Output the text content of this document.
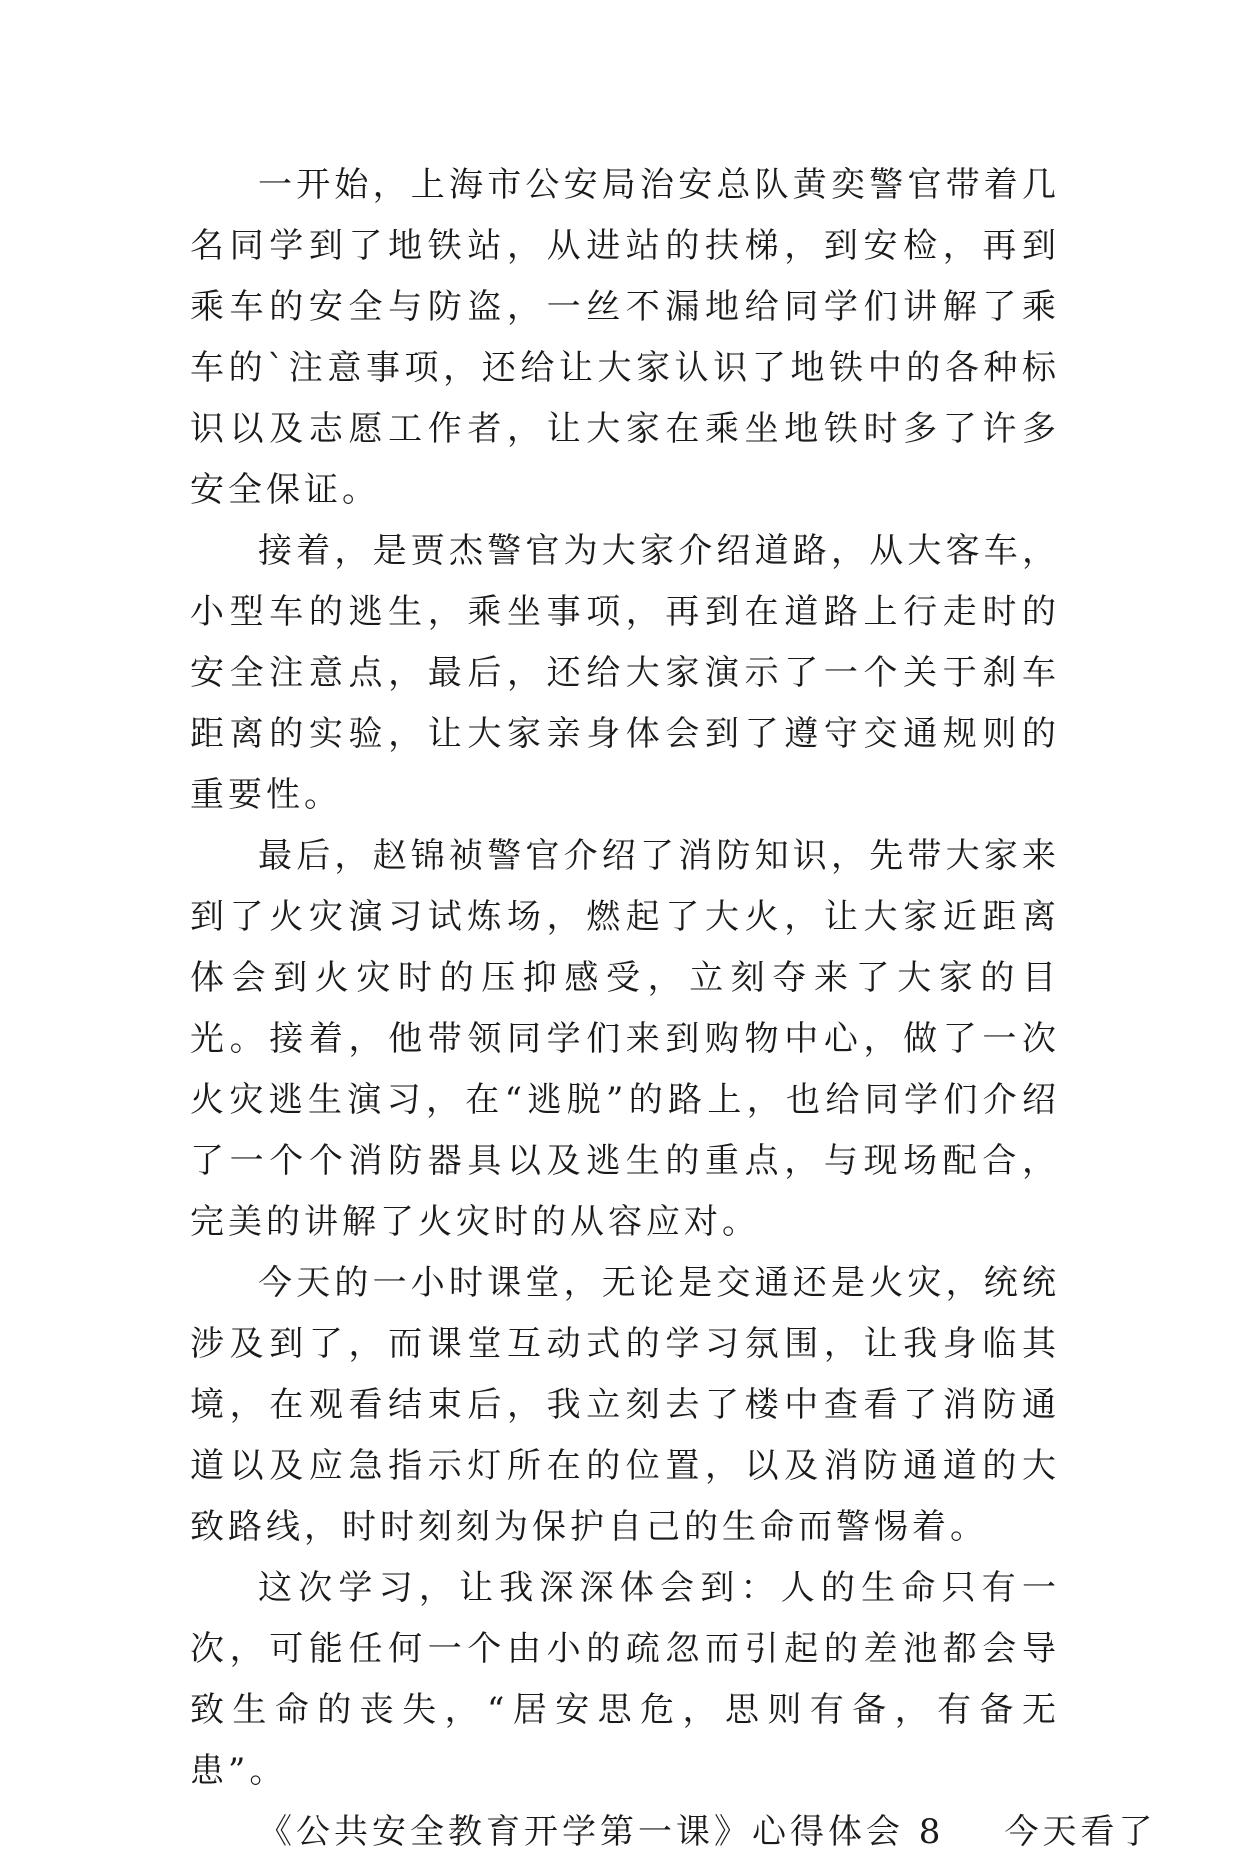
一开始，上海市公安局治安总队黄奕警官带着几名同学到了地铁站，从进站的扶梯，到安检，再到乘车的安全与防盗，一丝不漏地给同学们讲解了乘车的`注意事项，还给让大家认识了地铁中的各种标识以及志愿工作者，让大家在乘坐地铁时多了许多安全保证。

接着，是贾杰警官为大家介绍道路，从大客车，小型车的逃生，乘坐事项，再到在道路上行走时的安全注意点，最后，还给大家演示了一个关于刹车距离的实验，让大家亲身体会到了遵守交通规则的重要性。

最后，赵锦祯警官介绍了消防知识，先带大家来到了火灾演习试炼场，燃起了大火，让大家近距离体会到火灾时的压抑感受，立刻夺来了大家的目光。接着，他带领同学们来到购物中心，做了一次火灾逃生演习，在“逃脱”的路上，也给同学们介绍了一个个消防器具以及逃生的重点，与现场配合，完美的讲解了火灾时的从容应对。

今天的一小时课堂，无论是交通还是火灾，统统涉及到了，而课堂互动式的学习氛围，让我身临其境，在观看结束后，我立刻去了楼中查看了消防通道以及应急指示灯所在的位置，以及消防通道的大致路线，时时刻刻为保护自己的生命而警惕着。

这次学习，让我深深体会到：人的生命只有一次，可能任何一个由小的疏忽而引起的差池都会导致生命的丧失，“居安思危，思则有备，有备无患”。

《公共安全教育开学第一课》心得体会 8 今天看了
